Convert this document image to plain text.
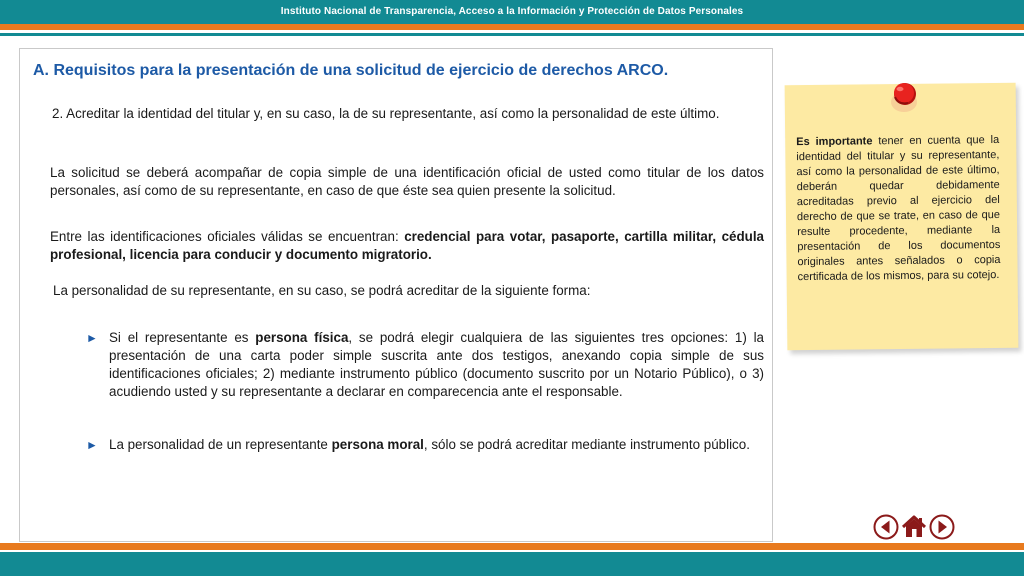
Instituto Nacional de Transparencia, Acceso a la Información y Protección de Datos Personales
A. Requisitos para la presentación de una solicitud de ejercicio de derechos ARCO.
2. Acreditar la identidad del titular y, en su caso, la de su representante, así como la personalidad de este último.
La solicitud se deberá acompañar de copia simple de una identificación oficial de usted como titular de los datos personales, así como de su representante, en caso de que éste sea quien presente la solicitud.
Entre las identificaciones oficiales válidas se encuentran: credencial para votar, pasaporte, cartilla militar, cédula profesional, licencia para conducir y documento migratorio.
La personalidad de su representante, en su caso, se podrá acreditar de la siguiente forma:
► Si el representante es persona física, se podrá elegir cualquiera de las siguientes tres opciones: 1) la presentación de una carta poder simple suscrita ante dos testigos, anexando copia simple de sus identificaciones oficiales; 2) mediante instrumento público (documento suscrito por un Notario Público), o 3) acudiendo usted y su representante a declarar en comparecencia ante el responsable.
► La personalidad de un representante persona moral, sólo se podrá acreditar mediante instrumento público.
Es importante tener en cuenta que la identidad del titular y su representante, así como la personalidad de este último, deberán quedar debidamente acreditadas previo al ejercicio del derecho de que se trate, en caso de que resulte procedente, mediante la presentación de los documentos originales antes señalados o copia certificada de los mismos, para su cotejo.
